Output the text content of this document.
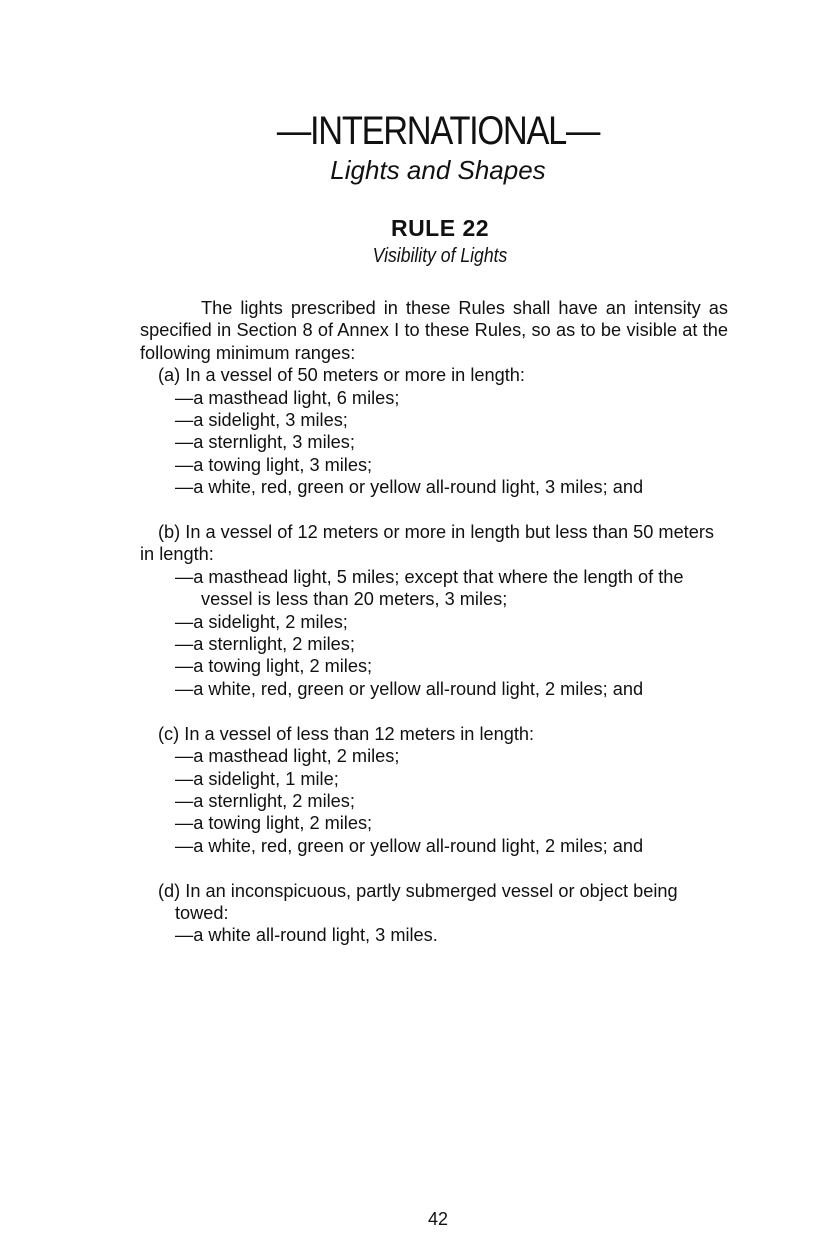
—INTERNATIONAL—
Lights and Shapes
RULE 22
Visibility of Lights

The lights prescribed in these Rules shall have an intensity as specified in Section 8 of Annex I to these Rules, so as to be visible at the following minimum ranges:

(a) In a vessel of 50 meters or more in length:

—a masthead light, 6 miles;

—a sidelight, 3 miles;

—a sternlight, 3 miles;

—a towing light, 3 miles;

—a white, red, green or yellow all-round light, 3 miles; and

(b) In a vessel of 12 meters or more in length but less than 50 meters in length:

—a masthead light, 5 miles; except that where the length of the vessel is less than 20 meters, 3 miles;

—a sidelight, 2 miles;

—a sternlight, 2 miles;

—a towing light, 2 miles;

—a white, red, green or yellow all-round light, 2 miles; and

(c) In a vessel of less than 12 meters in length:

—a masthead light, 2 miles;

—a sidelight, 1 mile;

—a sternlight, 2 miles;

—a towing light, 2 miles;

—a white, red, green or yellow all-round light, 2 miles; and

(d) In an inconspicuous, partly submerged vessel or object being towed:

—a white all-round light, 3 miles.

42
